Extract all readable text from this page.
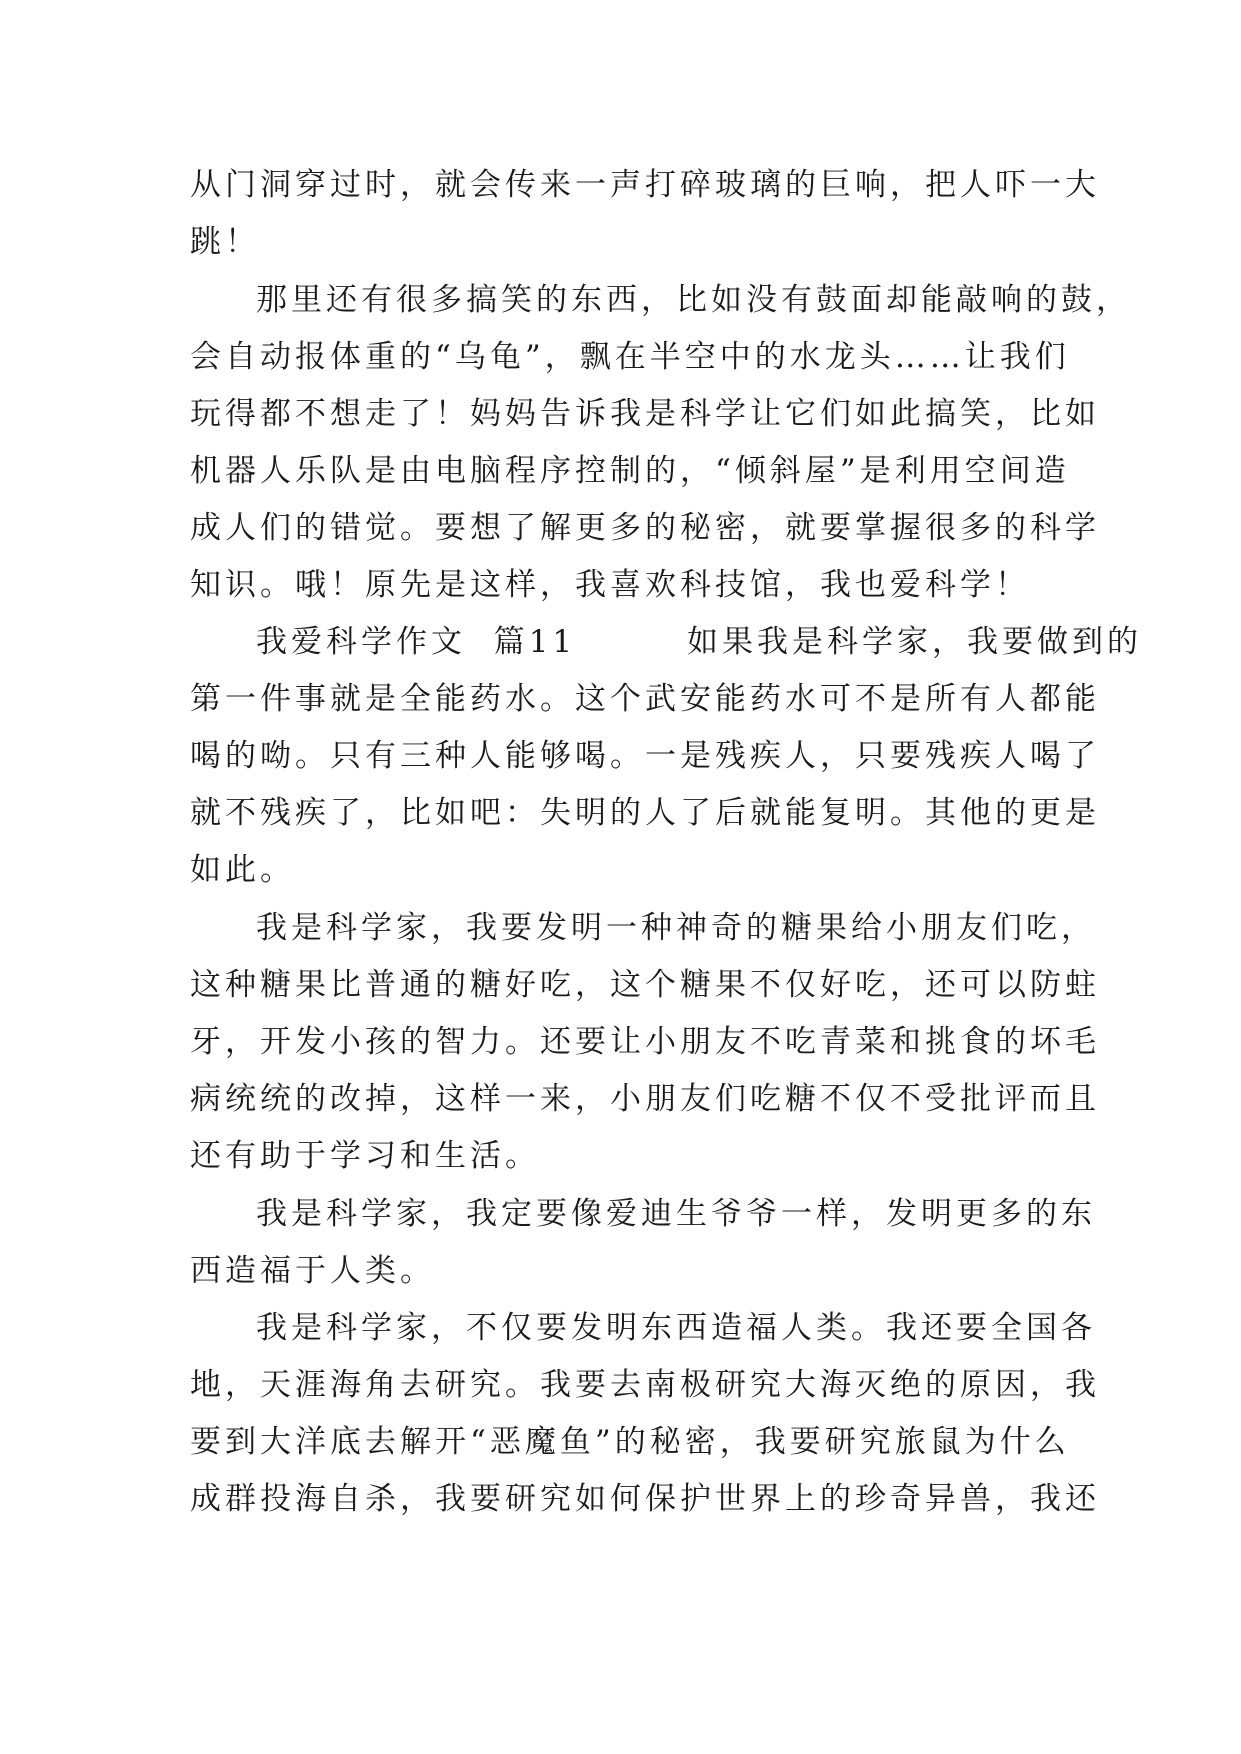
从门洞穿过时，就会传来一声打碎玻璃的巨响，把人吓一大
跳！
那里还有很多搞笑的东西，比如没有鼓面却能敲响的鼓，
会自动报体重的“乌龟”，飘在半空中的水龙头……让我们
玩得都不想走了！妈妈告诉我是科学让它们如此搞笑，比如
机器人乐队是由电脑程序控制的，“倾斜屋”是利用空间造
成人们的错觉。要想了解更多的秘密，就要掌握很多的科学
知识。哦！原先是这样，我喜欢科技馆，我也爱科学！
我爱科学作文  篇11        如果我是科学家，我要做到的
第一件事就是全能药水。这个武安能药水可不是所有人都能
喝的呦。只有三种人能够喝。一是残疾人，只要残疾人喝了
就不残疾了，比如吧：失明的人了后就能复明。其他的更是
如此。
我是科学家，我要发明一种神奇的糖果给小朋友们吃，
这种糖果比普通的糖好吃，这个糖果不仅好吃，还可以防蛀
牙，开发小孩的智力。还要让小朋友不吃青菜和挑食的坏毛
病统统的改掉，这样一来，小朋友们吃糖不仅不受批评而且
还有助于学习和生活。
我是科学家，我定要像爱迪生爷爷一样，发明更多的东
西造福于人类。
我是科学家，不仅要发明东西造福人类。我还要全国各
地，天涯海角去研究。我要去南极研究大海灭绝的原因，我
要到大洋底去解开“恶魔鱼”的秘密，我要研究旅鼠为什么
成群投海自杀，我要研究如何保护世界上的珍奇异兽，我还
